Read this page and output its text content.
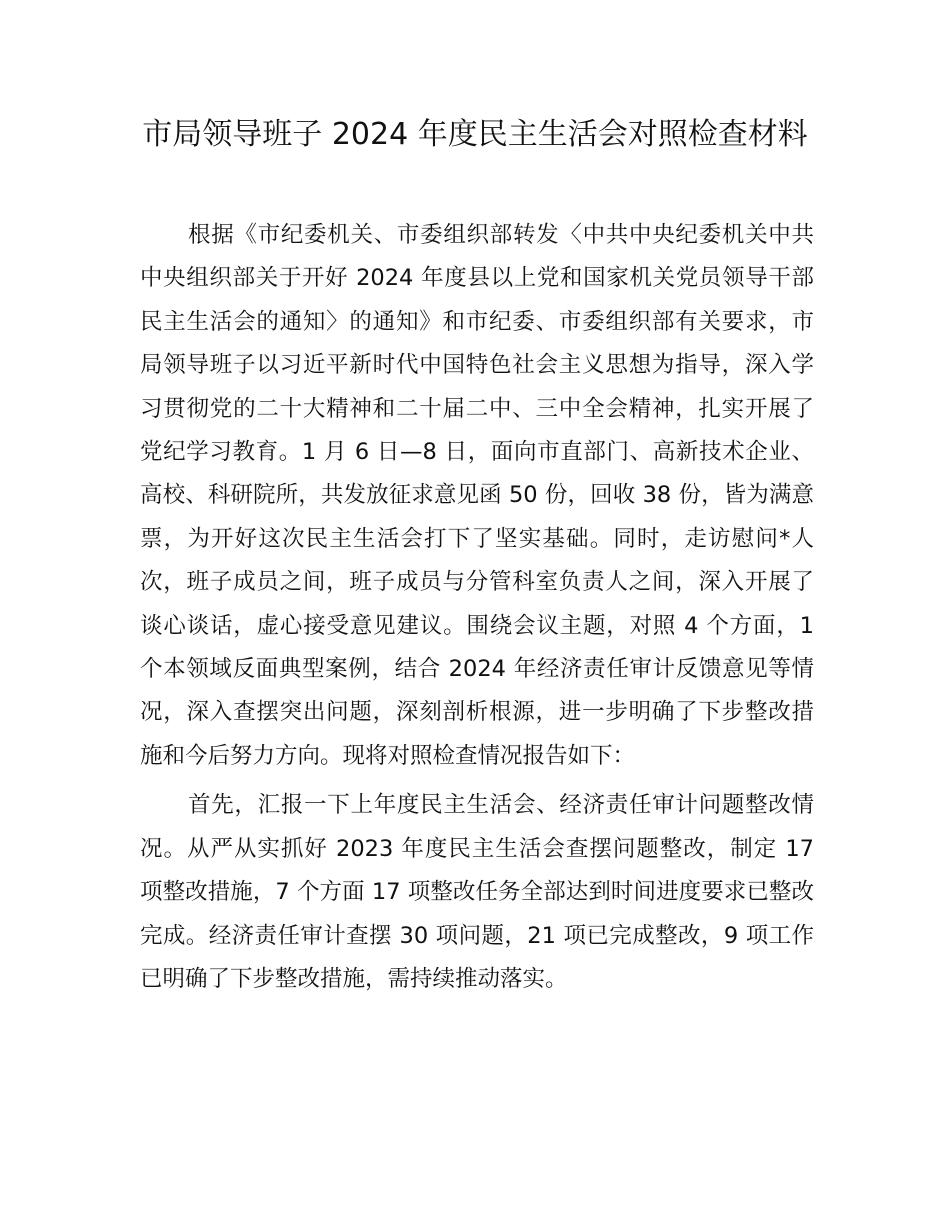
市局领导班子 2024 年度民主生活会对照检查材料

根据《市纪委机关、市委组织部转发〈中共中央纪委机关中共中央组织部关于开好 2024 年度县以上党和国家机关党员领导干部民主生活会的通知〉的通知》和市纪委、市委组织部有关要求，市局领导班子以习近平新时代中国特色社会主义思想为指导，深入学习贯彻党的二十大精神和二十届二中、三中全会精神，扎实开展了党纪学习教育。1 月 6 日—8 日，面向市直部门、高新技术企业、高校、科研院所，共发放征求意见函 50 份，回收 38 份，皆为满意票，为开好这次民主生活会打下了坚实基础。同时，走访慰问*人次，班子成员之间，班子成员与分管科室负责人之间，深入开展了谈心谈话，虚心接受意见建议。围绕会议主题，对照 4 个方面，1 个本领域反面典型案例，结合 2024 年经济责任审计反馈意见等情况，深入查摆突出问题，深刻剖析根源，进一步明确了下步整改措施和今后努力方向。现将对照检查情况报告如下：

首先，汇报一下上年度民主生活会、经济责任审计问题整改情况。从严从实抓好 2023 年度民主生活会查摆问题整改，制定 17 项整改措施，7 个方面 17 项整改任务全部达到时间进度要求已整改完成。经济责任审计查摆 30 项问题，21 项已完成整改，9 项工作已明确了下步整改措施，需持续推动落实。
